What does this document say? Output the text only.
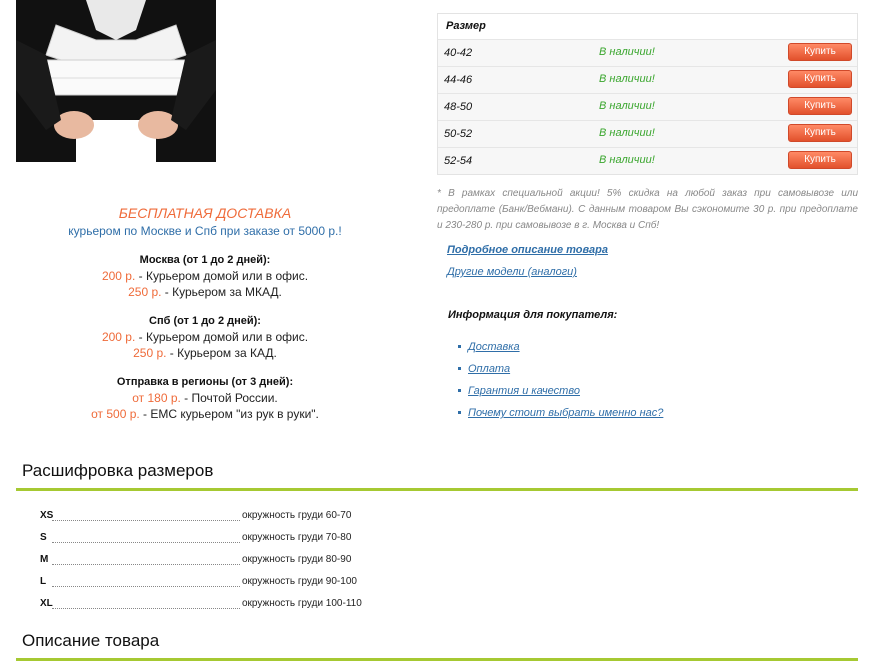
БЕСПЛАТНАЯ ДОСТАВКА
курьером по Москве и Спб при заказе от 5000 р.!
Москва (от 1 до 2 дней):
200 р. - Курьером домой или в офис.
250 р. - Курьером за МКАД.
Спб (от 1 до 2 дней):
200 р. - Курьером домой или в офис.
250 р. - Курьером за КАД.
Отправка в регионы (от 3 дней):
от 180 р. - Почтой России.
от 500 р. - ЕМС курьером "из рук в руки".
Размер
40-42	В наличии!	Купить
44-46	В наличии!	Купить
48-50	В наличии!	Купить
50-52	В наличии!	Купить
52-54	В наличии!	Купить
* В рамках специальной акции! 5% скидка на любой заказ при самовывозе или предоплате (Банк/Вебмани). С данным товаром Вы сэкономите 30 р. при предоплате и 230-280 р. при самовывозе в г. Москва и Спб!
Подробное описание товара
Другие модели (аналоги)
Информация для покупателя:
Доставка
Оплата
Гарантия и качество
Почему стоит выбрать именно нас?
Расшифровка размеров
XS	окружность груди 60-70
S	окружность груди 70-80
M	окружность груди 80-90
L	окружность груди 90-100
XL	окружность груди 100-110
Описание товара
